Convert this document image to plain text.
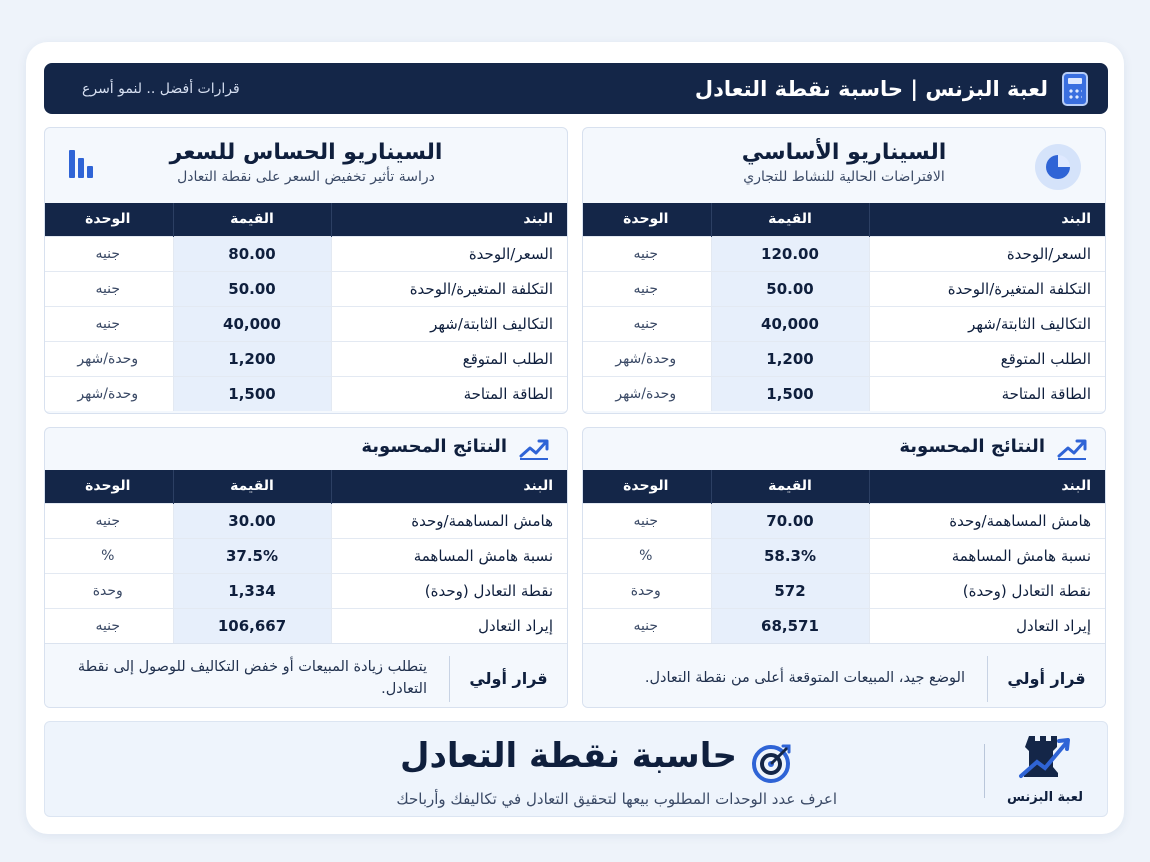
لعبة البزنس | حاسبة نقطة التعادل
قرارات أفضل .. لنمو أسرع
السيناريو الأساسي
الافتراضات الحالية للنشاط للتجاري
البند	القيمة	الوحدة
السعر/الوحدة	120.00	جنيه
التكلفة المتغيرة/الوحدة	50.00	جنيه
التكاليف الثابتة/شهر	40,000	جنيه
الطلب المتوقع	1,200	وحدة/شهر
الطاقة المتاحة	1,500	وحدة/شهر
السيناريو الحساس للسعر
دراسة تأثير تخفيض السعر على نقطة التعادل
البند	القيمة	الوحدة
السعر/الوحدة	80.00	جنيه
التكلفة المتغيرة/الوحدة	50.00	جنيه
التكاليف الثابتة/شهر	40,000	جنيه
الطلب المتوقع	1,200	وحدة/شهر
الطاقة المتاحة	1,500	وحدة/شهر
النتائج المحسوبة
البند	القيمة	الوحدة
هامش المساهمة/وحدة	70.00	جنيه
نسبة هامش المساهمة	58.3%	%
نقطة التعادل (وحدة)	572	وحدة
إيراد التعادل	68,571	جنيه
قرار أولي
الوضع جيد، المبيعات المتوقعة أعلى من نقطة التعادل.
النتائج المحسوبة
البند	القيمة	الوحدة
هامش المساهمة/وحدة	30.00	جنيه
نسبة هامش المساهمة	37.5%	%
نقطة التعادل (وحدة)	1,334	وحدة
إيراد التعادل	106,667	جنيه
قرار أولي
يتطلب زيادة المبيعات أو خفض التكاليف للوصول إلى نقطة التعادل.
لعبة البزنس
حاسبة نقطة التعادل
اعرف عدد الوحدات المطلوب بيعها لتحقيق التعادل في تكاليفك وأرباحك
